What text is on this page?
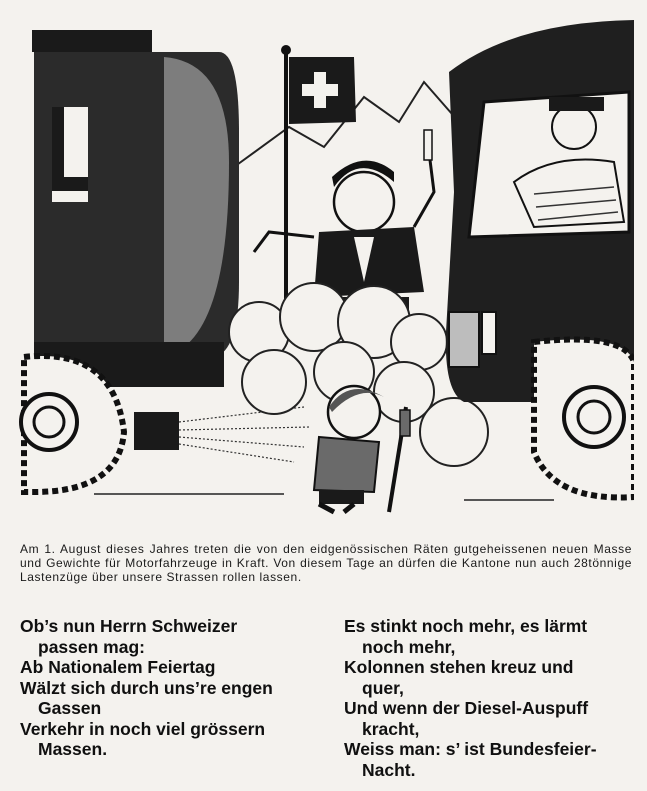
Am 1. August dieses Jahres treten die von den eidgenössischen Räten gutgeheissenen neuen Masse und Gewichte für Motorfahrzeuge in Kraft. Von diesem Tage an dürfen die Kantone nun auch 28tönnige Lastenzüge über unsere Strassen rollen lassen.
Ob’s nun Herrn Schweizer
passen mag:
Ab Nationalem Feiertag
Wälzt sich durch uns’re engen
Gassen
Verkehr in noch viel grössern
Massen.
Es stinkt noch mehr, es lärmt
noch mehr,
Kolonnen stehen kreuz und
quer,
Und wenn der Diesel-Auspuff
kracht,
Weiss man: s’ ist Bundesfeier-
Nacht.
